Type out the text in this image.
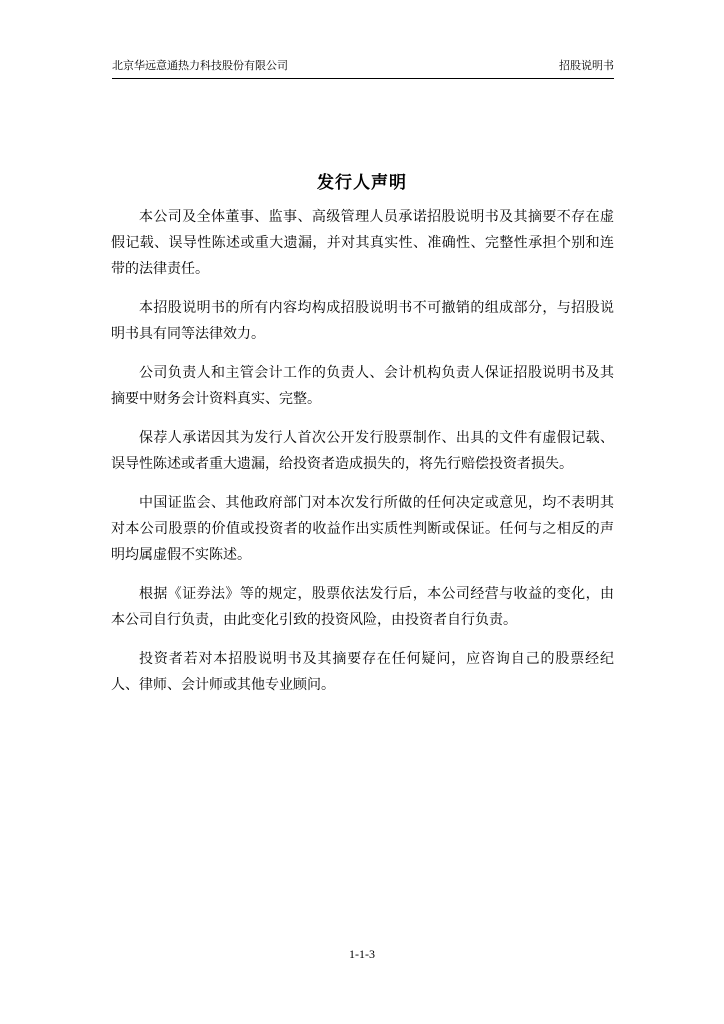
北京华远意通热力科技股份有限公司	招股说明书
发行人声明

本公司及全体董事、监事、高级管理人员承诺招股说明书及其摘要不存在虚假记载、误导性陈述或重大遗漏，并对其真实性、准确性、完整性承担个别和连带的法律责任。

本招股说明书的所有内容均构成招股说明书不可撤销的组成部分，与招股说明书具有同等法律效力。

公司负责人和主管会计工作的负责人、会计机构负责人保证招股说明书及其摘要中财务会计资料真实、完整。

保荐人承诺因其为发行人首次公开发行股票制作、出具的文件有虚假记载、误导性陈述或者重大遗漏，给投资者造成损失的，将先行赔偿投资者损失。

中国证监会、其他政府部门对本次发行所做的任何决定或意见，均不表明其对本公司股票的价值或投资者的收益作出实质性判断或保证。任何与之相反的声明均属虚假不实陈述。

根据《证券法》等的规定，股票依法发行后，本公司经营与收益的变化，由本公司自行负责，由此变化引致的投资风险，由投资者自行负责。

投资者若对本招股说明书及其摘要存在任何疑问，应咨询自己的股票经纪人、律师、会计师或其他专业顾问。

1-1-3
